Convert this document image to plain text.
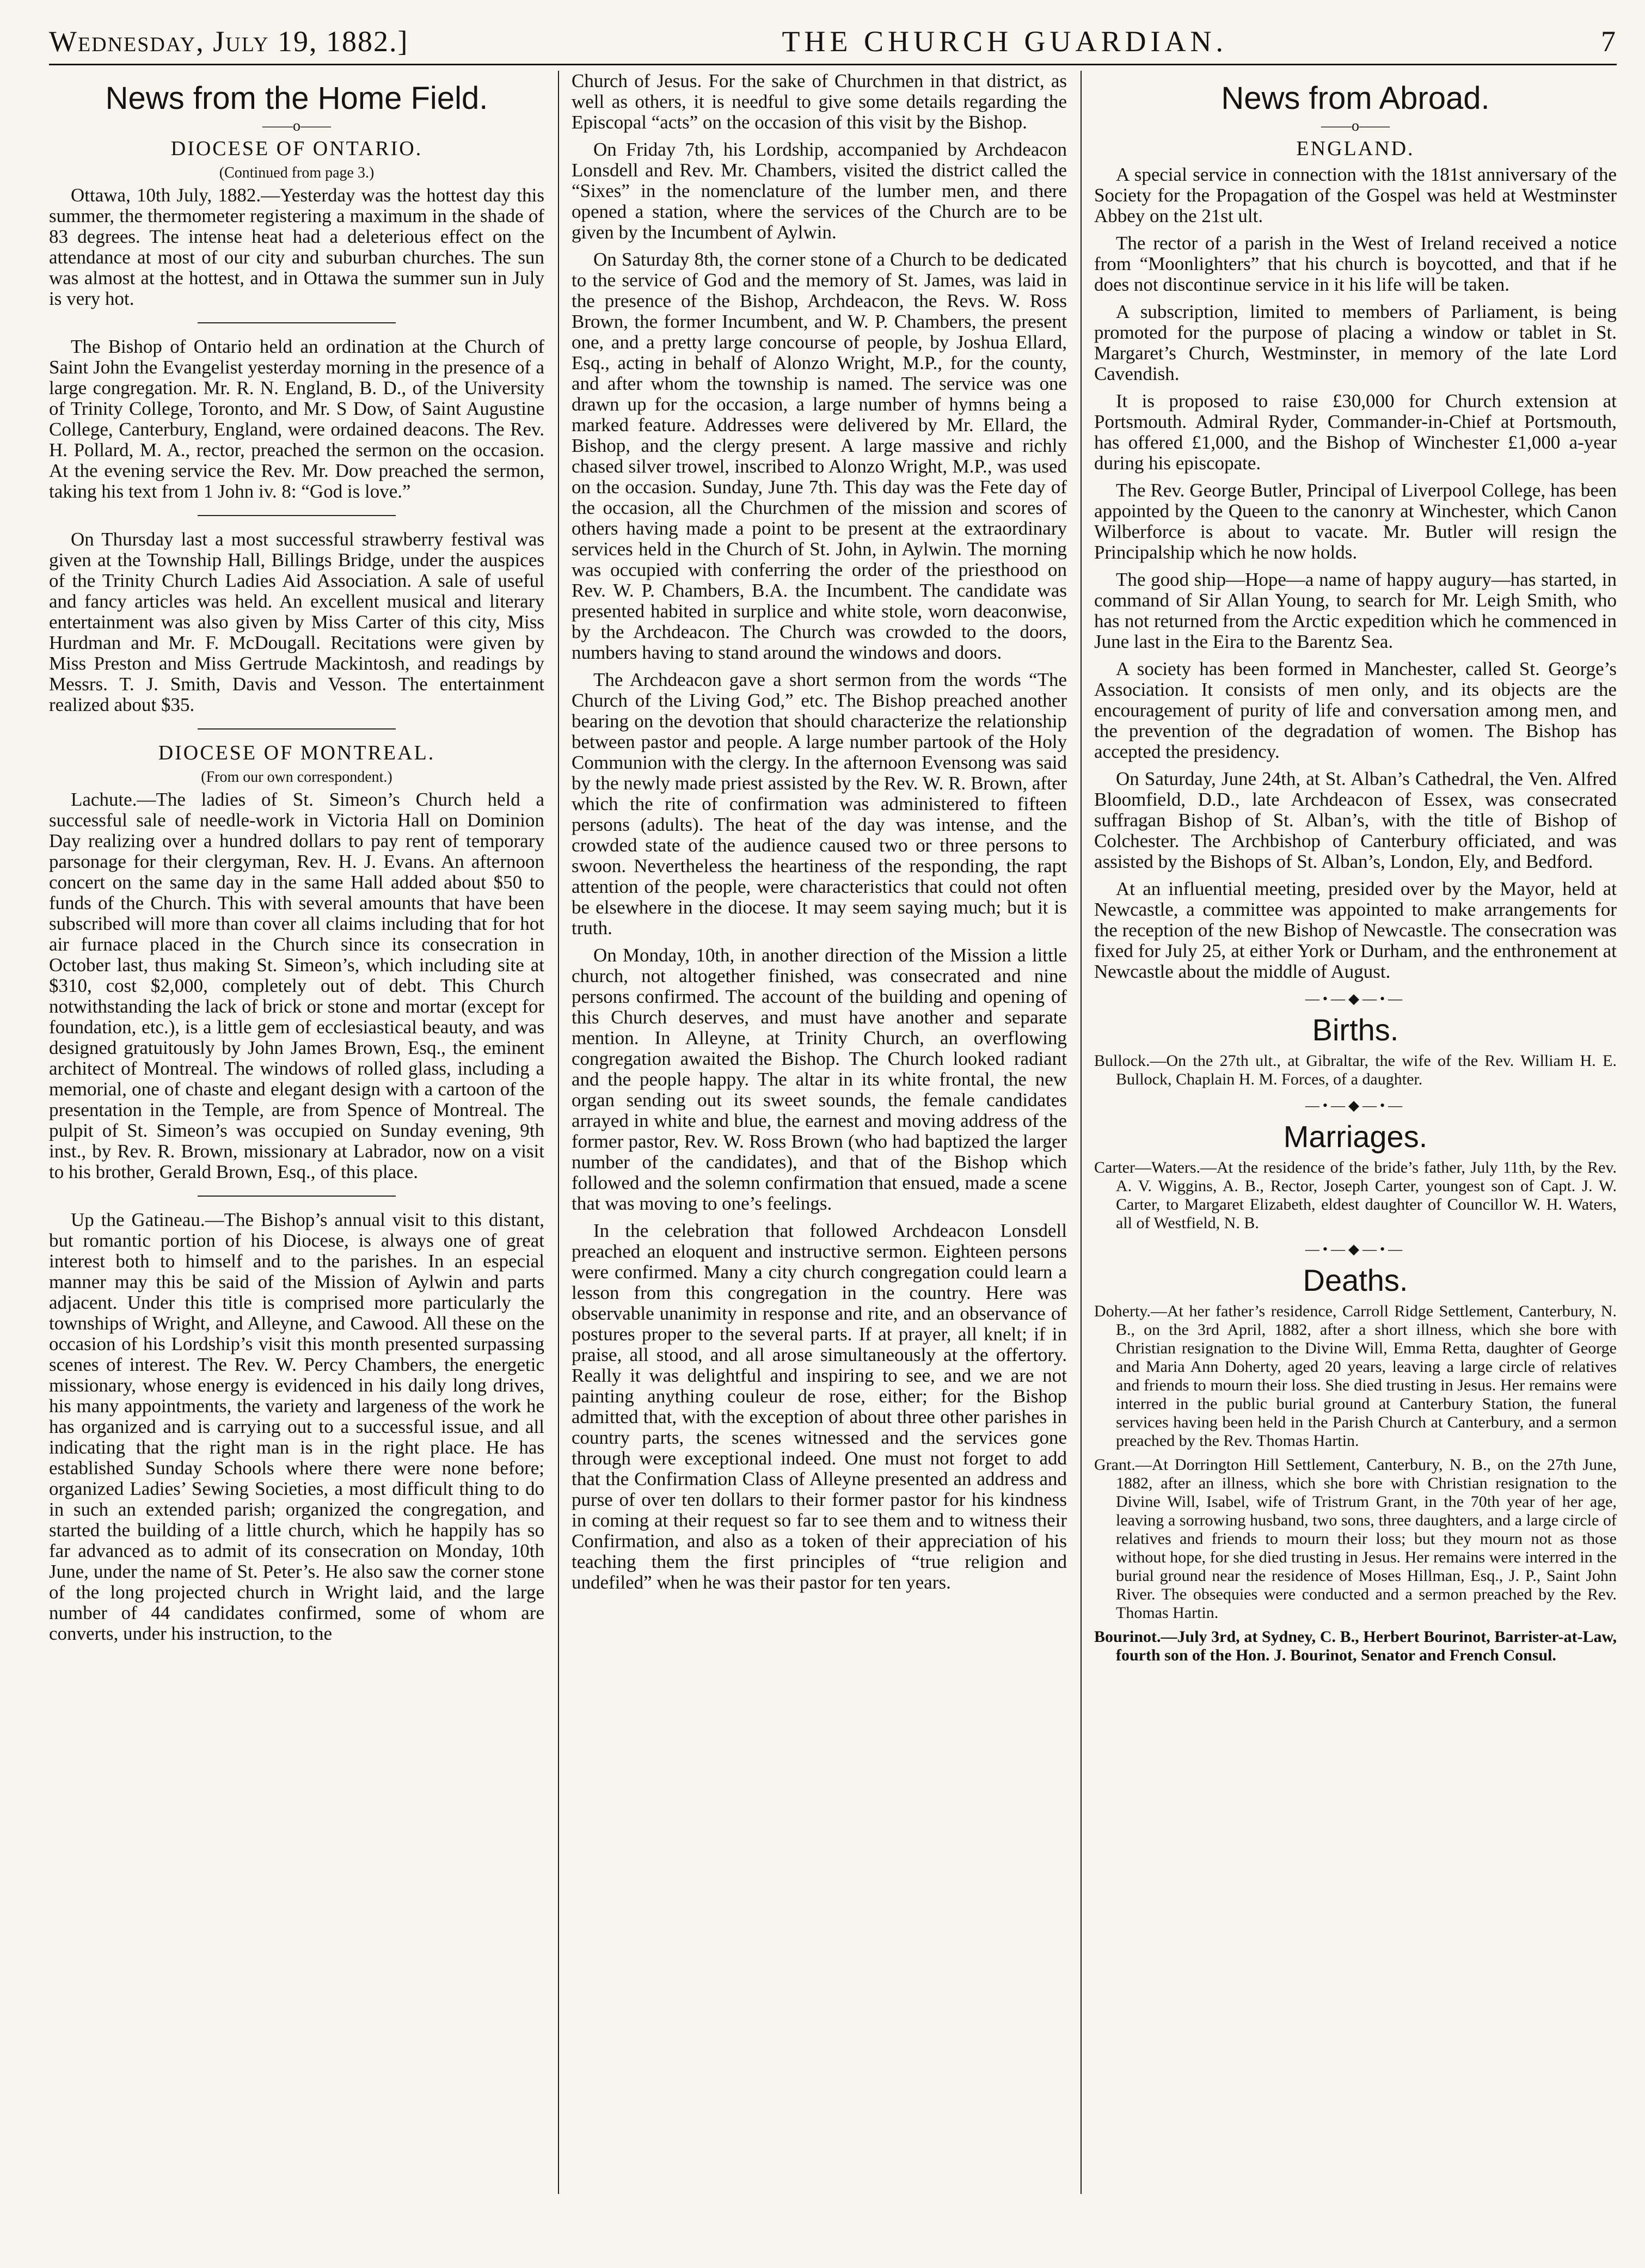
Wednesday, July 19, 1882.]	THE CHURCH GUARDIAN.	7
News from the Home Field.
——o——
DIOCESE OF ONTARIO.
(Continued from page 3.)

Ottawa, 10th July, 1882.—Yesterday was the hottest day this summer, the thermometer registering a maximum in the shade of 83 degrees. The intense heat had a deleterious effect on the attendance at most of our city and suburban churches. The sun was almost at the hottest, and in Ottawa the summer sun in July is very hot.

The Bishop of Ontario held an ordination at the Church of Saint John the Evangelist yesterday morning in the presence of a large congregation. Mr. R. N. England, B. D., of the University of Trinity College, Toronto, and Mr. S Dow, of Saint Augustine College, Canterbury, England, were ordained deacons. The Rev. H. Pollard, M. A., rector, preached the sermon on the occasion. At the evening service the Rev. Mr. Dow preached the sermon, taking his text from 1 John iv. 8: “God is love.”

On Thursday last a most successful strawberry festival was given at the Township Hall, Billings Bridge, under the auspices of the Trinity Church Ladies Aid Association. A sale of useful and fancy articles was held. An excellent musical and literary entertainment was also given by Miss Carter of this city, Miss Hurdman and Mr. F. McDougall. Recitations were given by Miss Preston and Miss Gertrude Mackintosh, and readings by Messrs. T. J. Smith, Davis and Vesson. The entertainment realized about $35.

DIOCESE OF MONTREAL.
(From our own correspondent.)

Lachute.—The ladies of St. Simeon’s Church held a successful sale of needle-work in Victoria Hall on Dominion Day realizing over a hundred dollars to pay rent of temporary parsonage for their clergyman, Rev. H. J. Evans. An afternoon concert on the same day in the same Hall added about $50 to funds of the Church. This with several amounts that have been subscribed will more than cover all claims including that for hot air furnace placed in the Church since its consecration in October last, thus making St. Simeon’s, which including site at $310, cost $2,000, completely out of debt. This Church notwithstanding the lack of brick or stone and mortar (except for foundation, etc.), is a little gem of ecclesiastical beauty, and was designed gratuitously by John James Brown, Esq., the eminent architect of Montreal. The windows of rolled glass, including a memorial, one of chaste and elegant design with a cartoon of the presentation in the Temple, are from Spence of Montreal. The pulpit of St. Simeon’s was occupied on Sunday evening, 9th inst., by Rev. R. Brown, missionary at Labrador, now on a visit to his brother, Gerald Brown, Esq., of this place.

Up the Gatineau.—The Bishop’s annual visit to this distant, but romantic portion of his Diocese, is always one of great interest both to himself and to the parishes. In an especial manner may this be said of the Mission of Aylwin and parts adjacent. Under this title is comprised more particularly the townships of Wright, and Alleyne, and Cawood. All these on the occasion of his Lordship’s visit this month presented surpassing scenes of interest. The Rev. W. Percy Chambers, the energetic missionary, whose energy is evidenced in his daily long drives, his many appointments, the variety and largeness of the work he has organized and is carrying out to a successful issue, and all indicating that the right man is in the right place. He has established Sunday Schools where there were none before; organized Ladies’ Sewing Societies, a most difficult thing to do in such an extended parish; organized the congregation, and started the building of a little church, which he happily has so far advanced as to admit of its consecration on Monday, 10th June, under the name of St. Peter’s. He also saw the corner stone of the long projected church in Wright laid, and the large number of 44 candidates confirmed, some of whom are converts, under his instruction, to the

Church of Jesus. For the sake of Churchmen in that district, as well as others, it is needful to give some details regarding the Episcopal “acts” on the occasion of this visit by the Bishop.

On Friday 7th, his Lordship, accompanied by Archdeacon Lonsdell and Rev. Mr. Chambers, visited the district called the “Sixes” in the nomenclature of the lumber men, and there opened a station, where the services of the Church are to be given by the Incumbent of Aylwin.

On Saturday 8th, the corner stone of a Church to be dedicated to the service of God and the memory of St. James, was laid in the presence of the Bishop, Archdeacon, the Revs. W. Ross Brown, the former Incumbent, and W. P. Chambers, the present one, and a pretty large concourse of people, by Joshua Ellard, Esq., acting in behalf of Alonzo Wright, M.P., for the county, and after whom the township is named. The service was one drawn up for the occasion, a large number of hymns being a marked feature. Addresses were delivered by Mr. Ellard, the Bishop, and the clergy present. A large massive and richly chased silver trowel, inscribed to Alonzo Wright, M.P., was used on the occasion. Sunday, June 7th. This day was the Fete day of the occasion, all the Churchmen of the mission and scores of others having made a point to be present at the extraordinary services held in the Church of St. John, in Aylwin. The morning was occupied with conferring the order of the priesthood on Rev. W. P. Chambers, B.A. the Incumbent. The candidate was presented habited in surplice and white stole, worn deaconwise, by the Archdeacon. The Church was crowded to the doors, numbers having to stand around the windows and doors.

The Archdeacon gave a short sermon from the words “The Church of the Living God,” etc. The Bishop preached another bearing on the devotion that should characterize the relationship between pastor and people. A large number partook of the Holy Communion with the clergy. In the afternoon Evensong was said by the newly made priest assisted by the Rev. W. R. Brown, after which the rite of confirmation was administered to fifteen persons (adults). The heat of the day was intense, and the crowded state of the audience caused two or three persons to swoon. Nevertheless the heartiness of the responding, the rapt attention of the people, were characteristics that could not often be elsewhere in the diocese. It may seem saying much; but it is truth.

On Monday, 10th, in another direction of the Mission a little church, not altogether finished, was consecrated and nine persons confirmed. The account of the building and opening of this Church deserves, and must have another and separate mention. In Alleyne, at Trinity Church, an overflowing congregation awaited the Bishop. The Church looked radiant and the people happy. The altar in its white frontal, the new organ sending out its sweet sounds, the female candidates arrayed in white and blue, the earnest and moving address of the former pastor, Rev. W. Ross Brown (who had baptized the larger number of the candidates), and that of the Bishop which followed and the solemn confirmation that ensued, made a scene that was moving to one’s feelings.

In the celebration that followed Archdeacon Lonsdell preached an eloquent and instructive sermon. Eighteen persons were confirmed. Many a city church congregation could learn a lesson from this congregation in the country. Here was observable unanimity in response and rite, and an observance of postures proper to the several parts. If at prayer, all knelt; if in praise, all stood, and all arose simultaneously at the offertory. Really it was delightful and inspiring to see, and we are not painting anything couleur de rose, either; for the Bishop admitted that, with the exception of about three other parishes in country parts, the scenes witnessed and the services gone through were exceptional indeed. One must not forget to add that the Confirmation Class of Alleyne presented an address and purse of over ten dollars to their former pastor for his kindness in coming at their request so far to see them and to witness their Confirmation, and also as a token of their appreciation of his teaching them the first principles of “true religion and undefiled” when he was their pastor for ten years.

News from Abroad.
——o——
ENGLAND.

A special service in connection with the 181st anniversary of the Society for the Propagation of the Gospel was held at Westminster Abbey on the 21st ult.

The rector of a parish in the West of Ireland received a notice from “Moonlighters” that his church is boycotted, and that if he does not discontinue service in it his life will be taken.

A subscription, limited to members of Parliament, is being promoted for the purpose of placing a window or tablet in St. Margaret’s Church, Westminster, in memory of the late Lord Cavendish.

It is proposed to raise £30,000 for Church extension at Portsmouth. Admiral Ryder, Commander-in-Chief at Portsmouth, has offered £1,000, and the Bishop of Winchester £1,000 a-year during his episcopate.

The Rev. George Butler, Principal of Liverpool College, has been appointed by the Queen to the canonry at Winchester, which Canon Wilberforce is about to vacate. Mr. Butler will resign the Principalship which he now holds.

The good ship—Hope—a name of happy augury—has started, in command of Sir Allan Young, to search for Mr. Leigh Smith, who has not returned from the Arctic expedition which he commenced in June last in the Eira to the Barentz Sea.

A society has been formed in Manchester, called St. George’s Association. It consists of men only, and its objects are the encouragement of purity of life and conversation among men, and the prevention of the degradation of women. The Bishop has accepted the presidency.

On Saturday, June 24th, at St. Alban’s Cathedral, the Ven. Alfred Bloomfield, D.D., late Archdeacon of Essex, was consecrated suffragan Bishop of St. Alban’s, with the title of Bishop of Colchester. The Archbishop of Canterbury officiated, and was assisted by the Bishops of St. Alban’s, London, Ely, and Bedford.

At an influential meeting, presided over by the Mayor, held at Newcastle, a committee was appointed to make arrangements for the reception of the new Bishop of Newcastle. The consecration was fixed for July 25, at either York or Durham, and the enthronement at Newcastle about the middle of August.

—•—◆—•—
Births.
Bullock.—On the 27th ult., at Gibraltar, the wife of the Rev. William H. E. Bullock, Chaplain H. M. Forces, of a daughter.
—•—◆—•—
Marriages.
Carter—Waters.—At the residence of the bride’s father, July 11th, by the Rev. A. V. Wiggins, A. B., Rector, Joseph Carter, youngest son of Capt. J. W. Carter, to Margaret Elizabeth, eldest daughter of Councillor W. H. Waters, all of Westfield, N. B.
—•—◆—•—
Deaths.
Doherty.—At her father’s residence, Carroll Ridge Settlement, Canterbury, N. B., on the 3rd April, 1882, after a short illness, which she bore with Christian resignation to the Divine Will, Emma Retta, daughter of George and Maria Ann Doherty, aged 20 years, leaving a large circle of relatives and friends to mourn their loss. She died trusting in Jesus. Her remains were interred in the public burial ground at Canterbury Station, the funeral services having been held in the Parish Church at Canterbury, and a sermon preached by the Rev. Thomas Hartin.
Grant.—At Dorrington Hill Settlement, Canterbury, N. B., on the 27th June, 1882, after an illness, which she bore with Christian resignation to the Divine Will, Isabel, wife of Tristrum Grant, in the 70th year of her age, leaving a sorrowing husband, two sons, three daughters, and a large circle of relatives and friends to mourn their loss; but they mourn not as those without hope, for she died trusting in Jesus. Her remains were interred in the burial ground near the residence of Moses Hillman, Esq., J. P., Saint John River. The obsequies were conducted and a sermon preached by the Rev. Thomas Hartin.
Bourinot.—July 3rd, at Sydney, C. B., Herbert Bourinot, Barrister-at-Law, fourth son of the Hon. J. Bourinot, Senator and French Consul.
